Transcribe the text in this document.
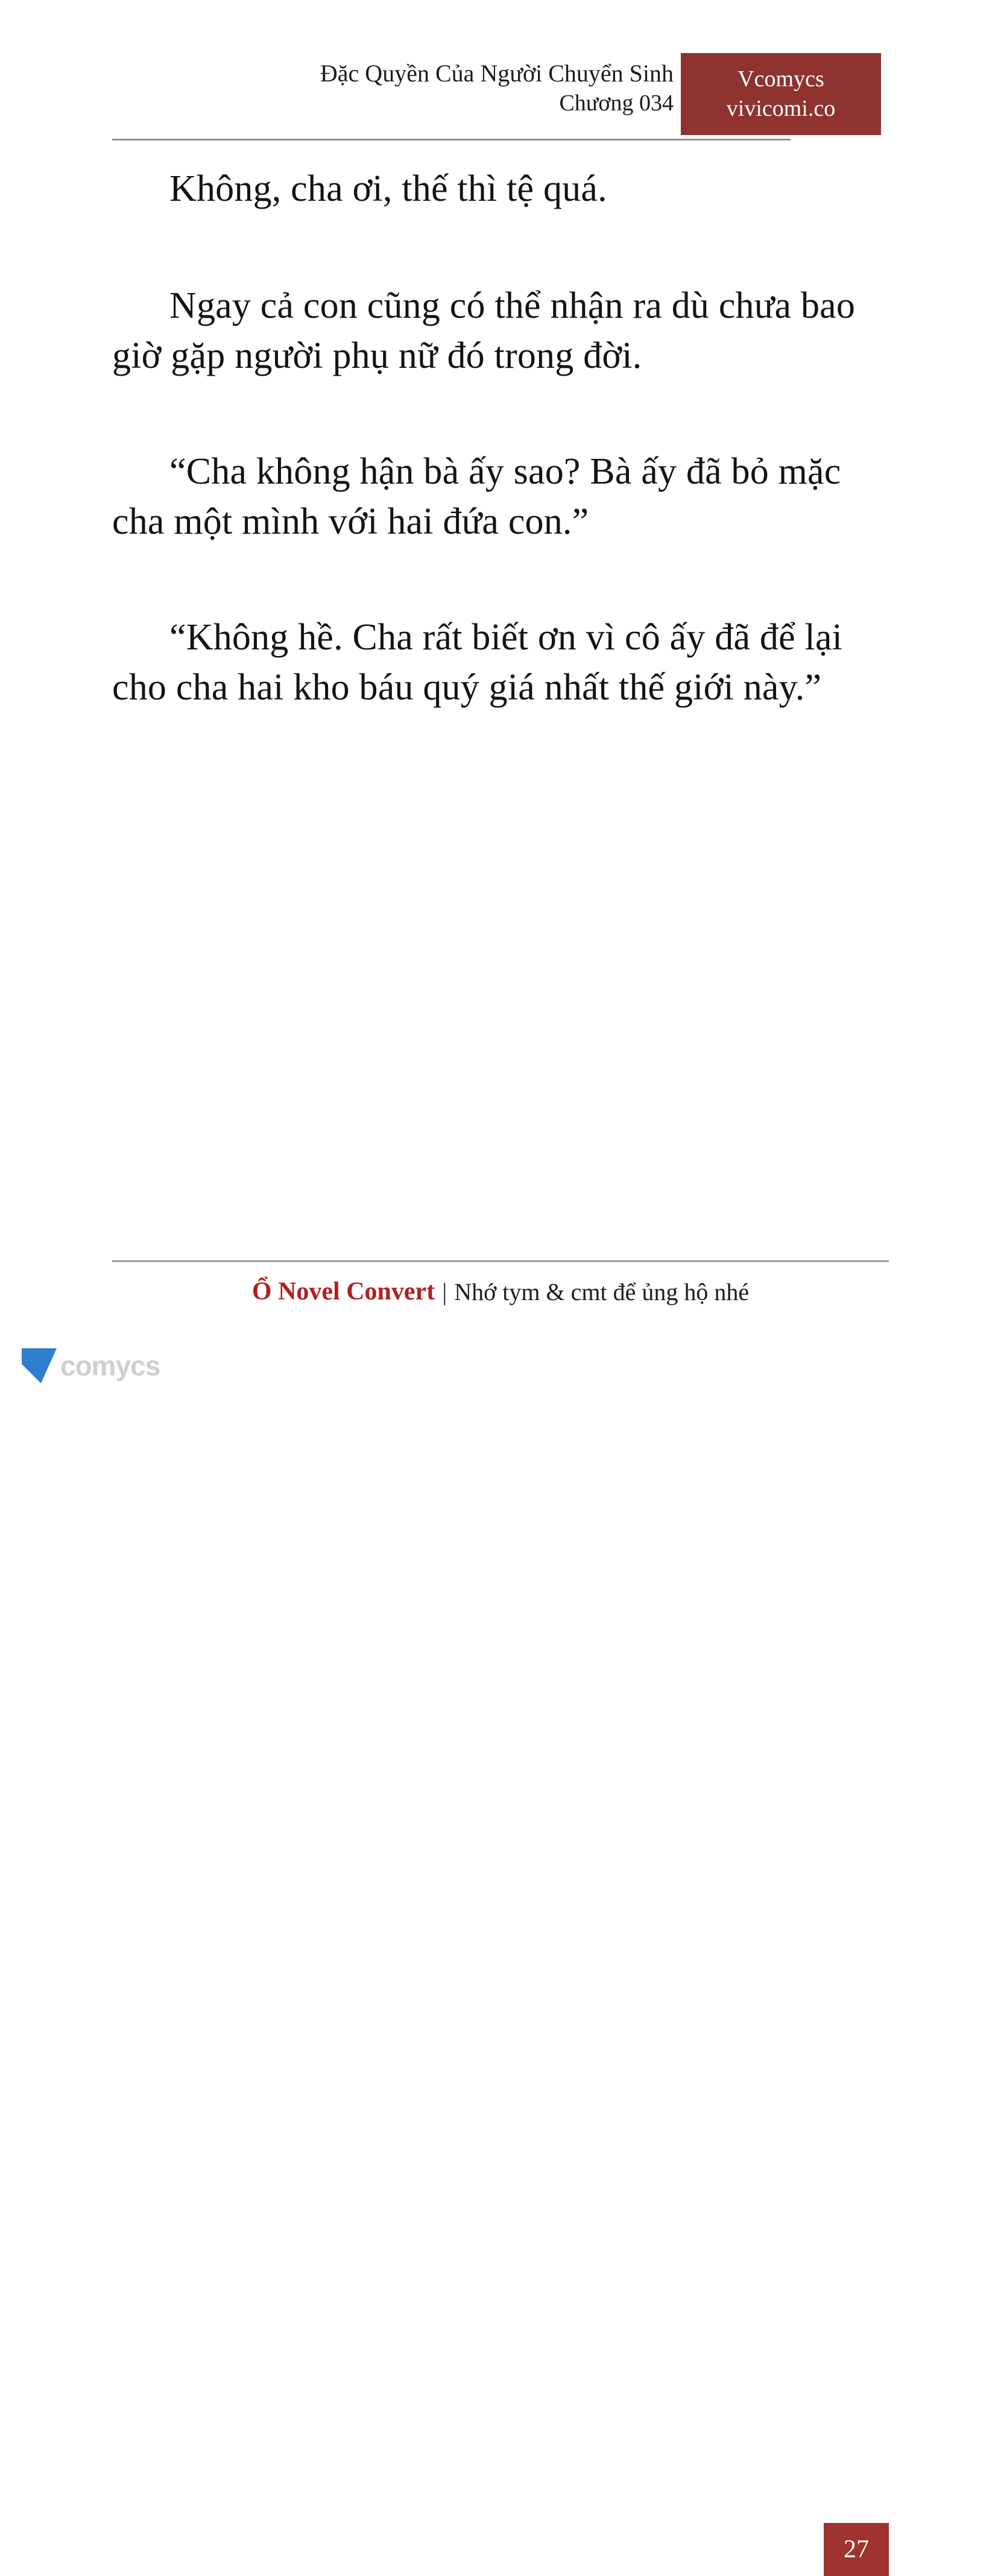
Đặc Quyền Của Người Chuyển Sinh
Chương 034
Vcomycs
vivicomi.co

Không, cha ơi, thế thì tệ quá.

Ngay cả con cũng có thể nhận ra dù chưa bao giờ gặp người phụ nữ đó trong đời.

“Cha không hận bà ấy sao? Bà ấy đã bỏ mặc cha một mình với hai đứa con.”

“Không hề. Cha rất biết ơn vì cô ấy đã để lại cho cha hai kho báu quý giá nhất thế giới này.”

Ổ Novel Convert | Nhớ tym & cmt để ủng hộ nhé
27
comycs
